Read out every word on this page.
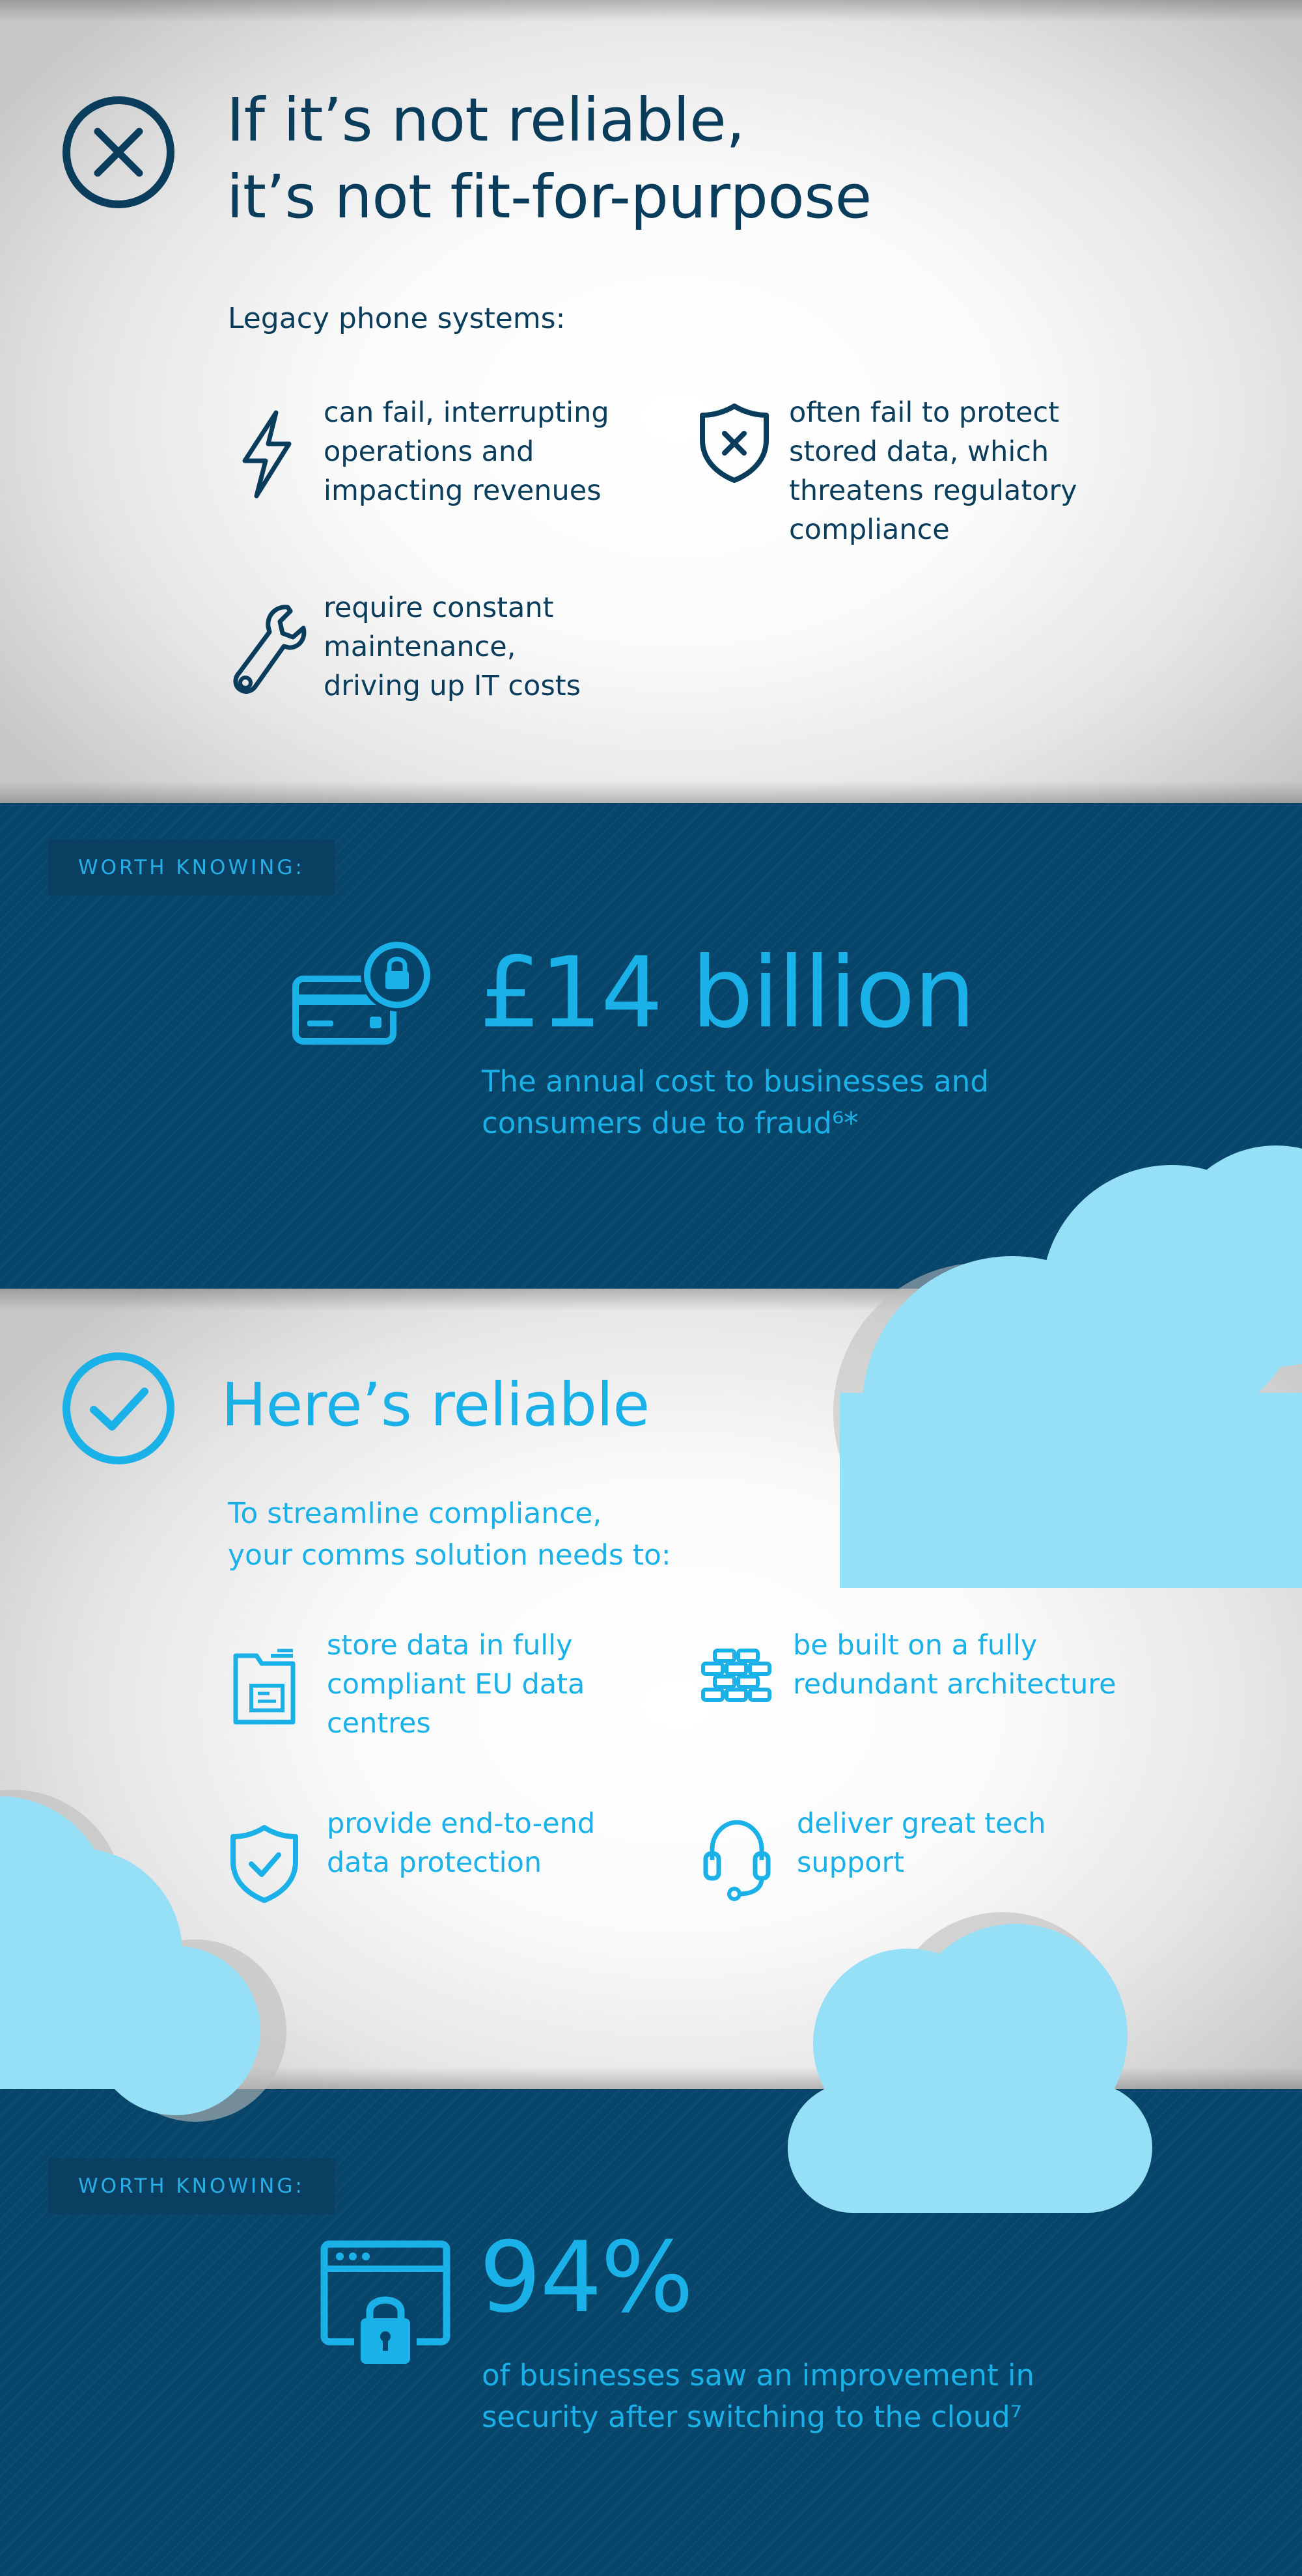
If it’s not reliable,
it’s not fit-for-purpose
Legacy phone systems:
can fail, interrupting
operations and
impacting revenues
often fail to protect
stored data, which
threatens regulatory
compliance
require constant
maintenance,
driving up IT costs
WORTH KNOWING:
£14 billion
The annual cost to businesses and
consumers due to fraud⁶*
Here’s reliable
To streamline compliance,
your comms solution needs to:
store data in fully
compliant EU data
centres
be built on a fully
redundant architecture
provide end-to-end
data protection
deliver great tech
support
WORTH KNOWING:
94%
of businesses saw an improvement in
security after switching to the cloud⁷
